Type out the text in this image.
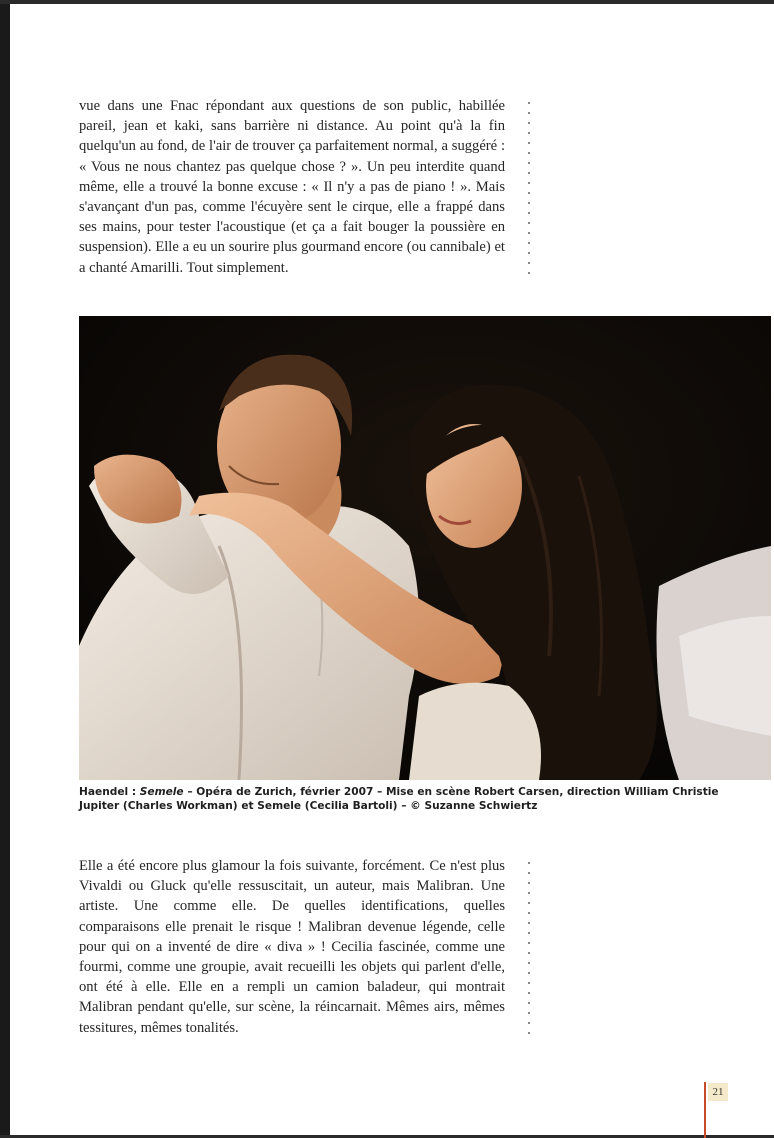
vue dans une Fnac répondant aux questions de son public, habillée pareil, jean et kaki, sans barrière ni distance. Au point qu'à la fin quelqu'un au fond, de l'air de trouver ça parfaitement normal, a suggéré : « Vous ne nous chantez pas quelque chose ? ». Un peu interdite quand même, elle a trouvé la bonne excuse : « Il n'y a pas de piano ! ». Mais s'avançant d'un pas, comme l'écuyère sent le cirque, elle a frappé dans ses mains, pour tester l'acoustique (et ça a fait bouger la poussière en suspension). Elle a eu un sourire plus gourmand encore (ou cannibale) et a chanté Amarilli. Tout simplement.

Haendel : Semele – Opéra de Zurich, février 2007 – Mise en scène Robert Carsen, direction William Christie
Jupiter (Charles Workman) et Semele (Cecilia Bartoli) – © Suzanne Schwiertz

Elle a été encore plus glamour la fois suivante, forcément. Ce n'est plus Vivaldi ou Gluck qu'elle ressuscitait, un auteur, mais Malibran. Une artiste. Une comme elle. De quelles identifications, quelles comparaisons elle prenait le risque ! Malibran devenue légende, celle pour qui on a inventé de dire « diva » ! Cecilia fascinée, comme une fourmi, comme une groupie, avait recueilli les objets qui parlent d'elle, ont été à elle. Elle en a rempli un camion baladeur, qui montrait Malibran pendant qu'elle, sur scène, la réincarnait. Mêmes airs, mêmes tessitures, mêmes tonalités.

21
